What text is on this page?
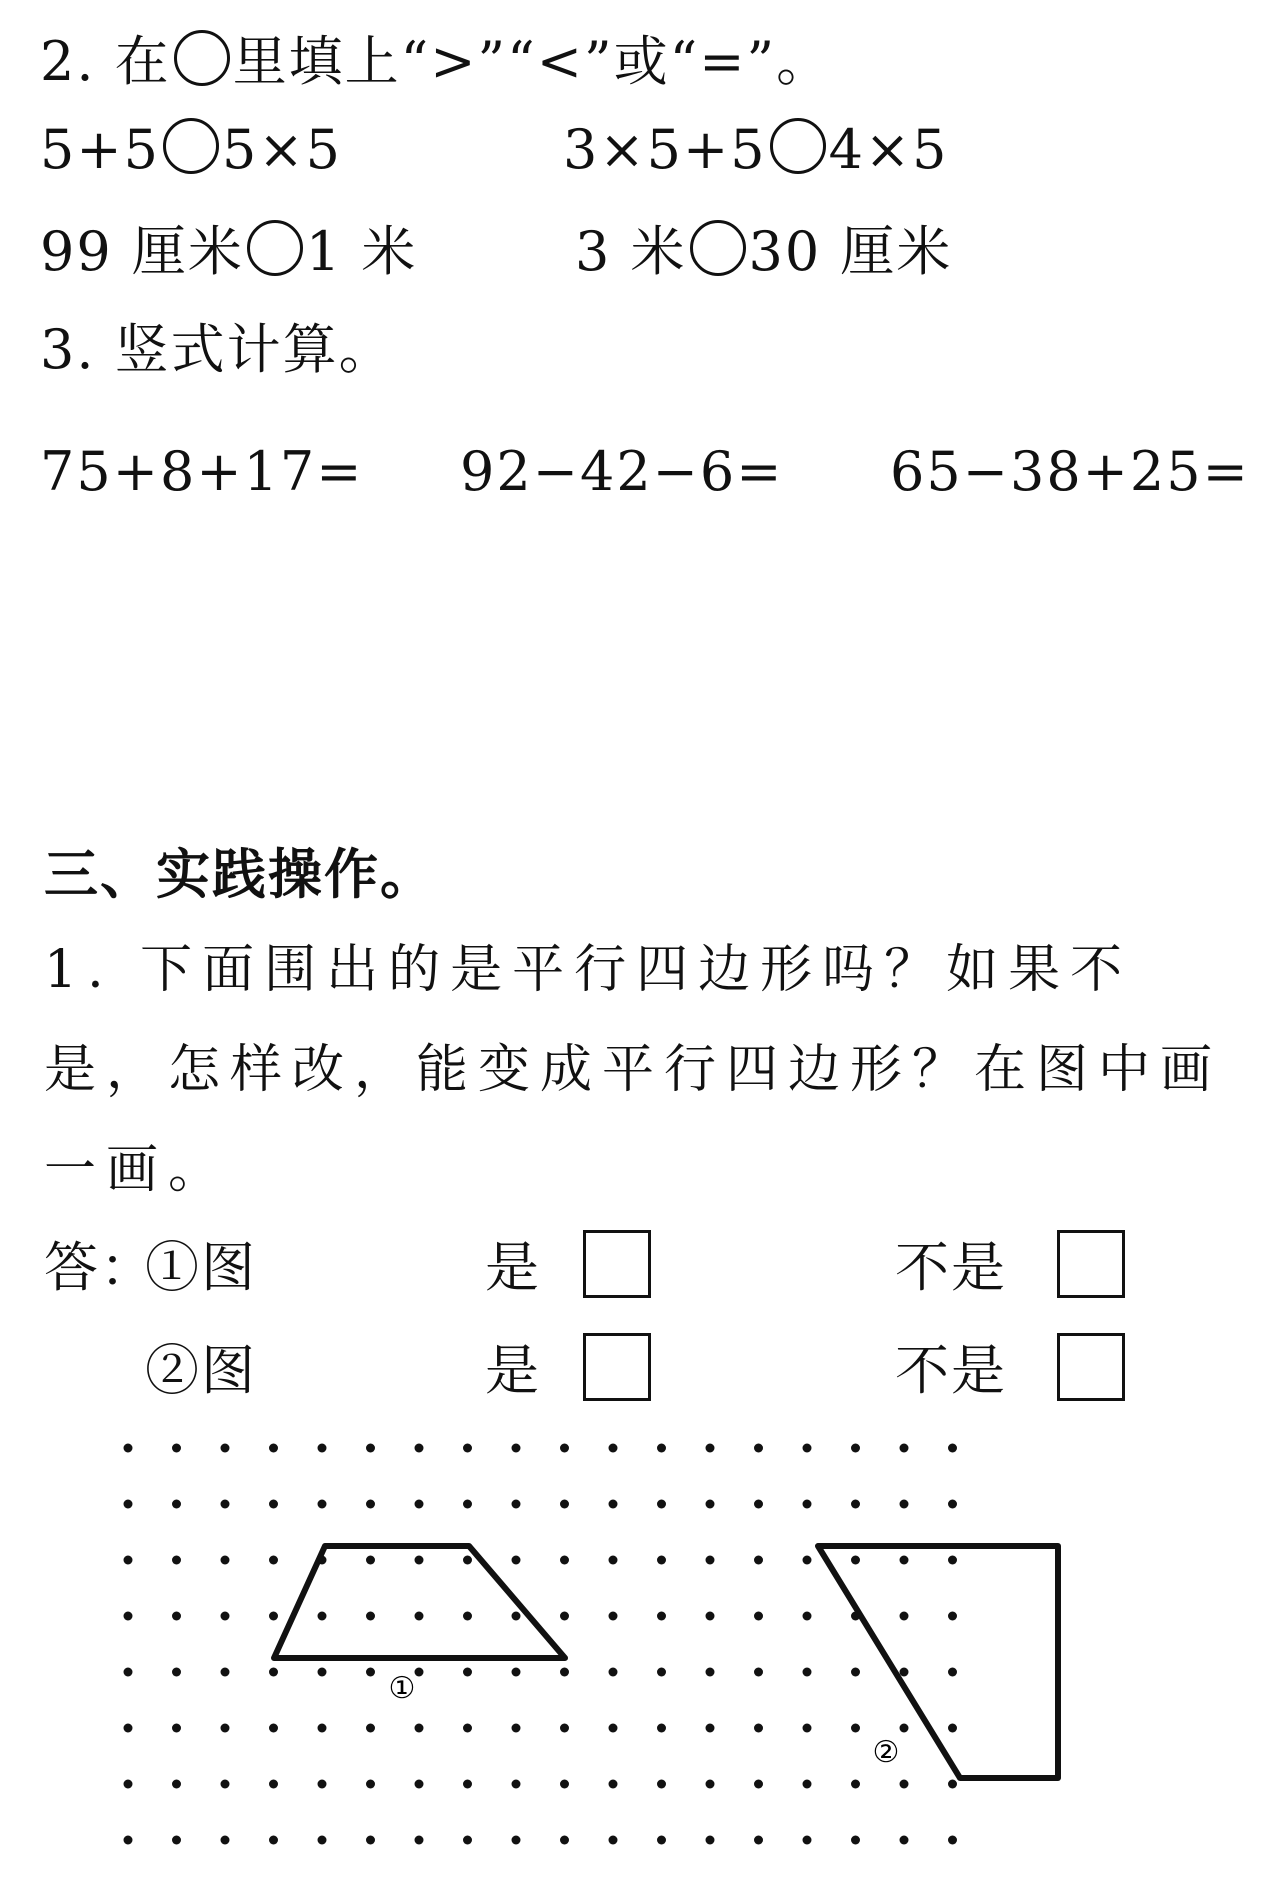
2. 在 里填上“>”“<”或“=”。
5+5 5×5	3×5+5 4×5
99 厘米 1 米	3 米 30 厘米
3. 竖式计算。
75+8+17= 92−42−6= 65−38+25=
三、实践操作。
1. 下面围出的是平行四边形吗？如果不是，怎样改，能变成平行四边形？在图中画一画。
答：
①图	是	不是
②图	是	不是
①
②
